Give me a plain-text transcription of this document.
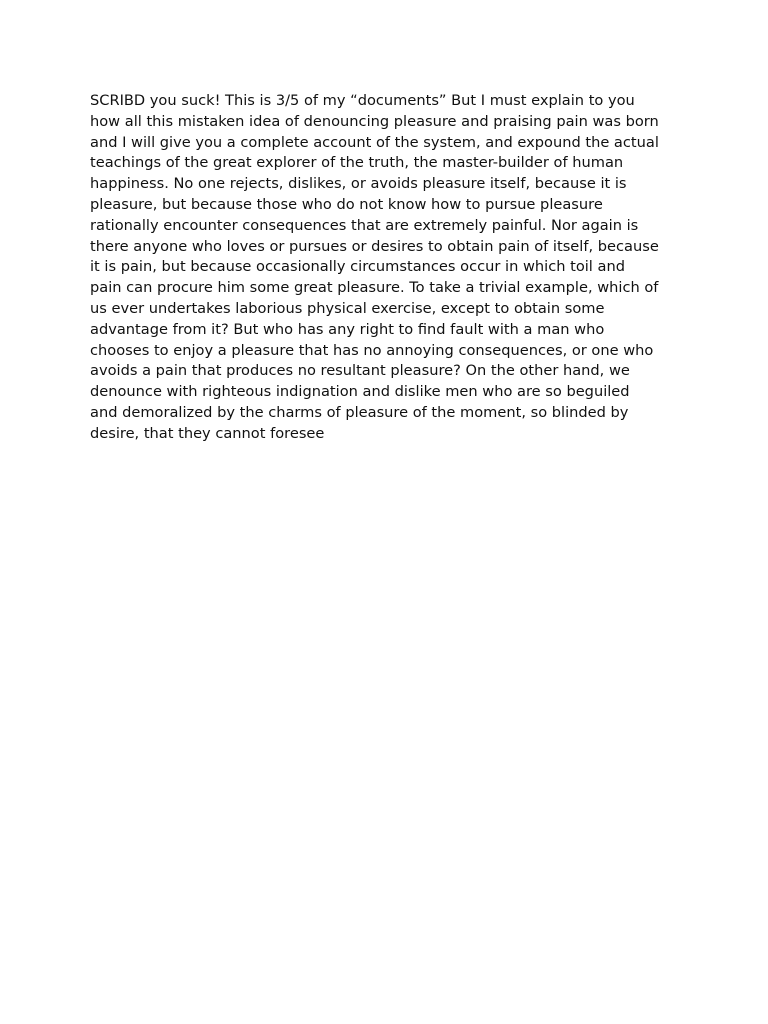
SCRIBD you suck! This is 3/5 of my “documents” But I must explain to you
how all this mistaken idea of denouncing pleasure and praising pain was born
and I will give you a complete account of the system, and expound the actual
teachings of the great explorer of the truth, the master-builder of human
happiness. No one rejects, dislikes, or avoids pleasure itself, because it is
pleasure, but because those who do not know how to pursue pleasure
rationally encounter consequences that are extremely painful. Nor again is
there anyone who loves or pursues or desires to obtain pain of itself, because
it is pain, but because occasionally circumstances occur in which toil and
pain can procure him some great pleasure. To take a trivial example, which of
us ever undertakes laborious physical exercise, except to obtain some
advantage from it? But who has any right to find fault with a man who
chooses to enjoy a pleasure that has no annoying consequences, or one who
avoids a pain that produces no resultant pleasure? On the other hand, we
denounce with righteous indignation and dislike men who are so beguiled
and demoralized by the charms of pleasure of the moment, so blinded by
desire, that they cannot foresee
